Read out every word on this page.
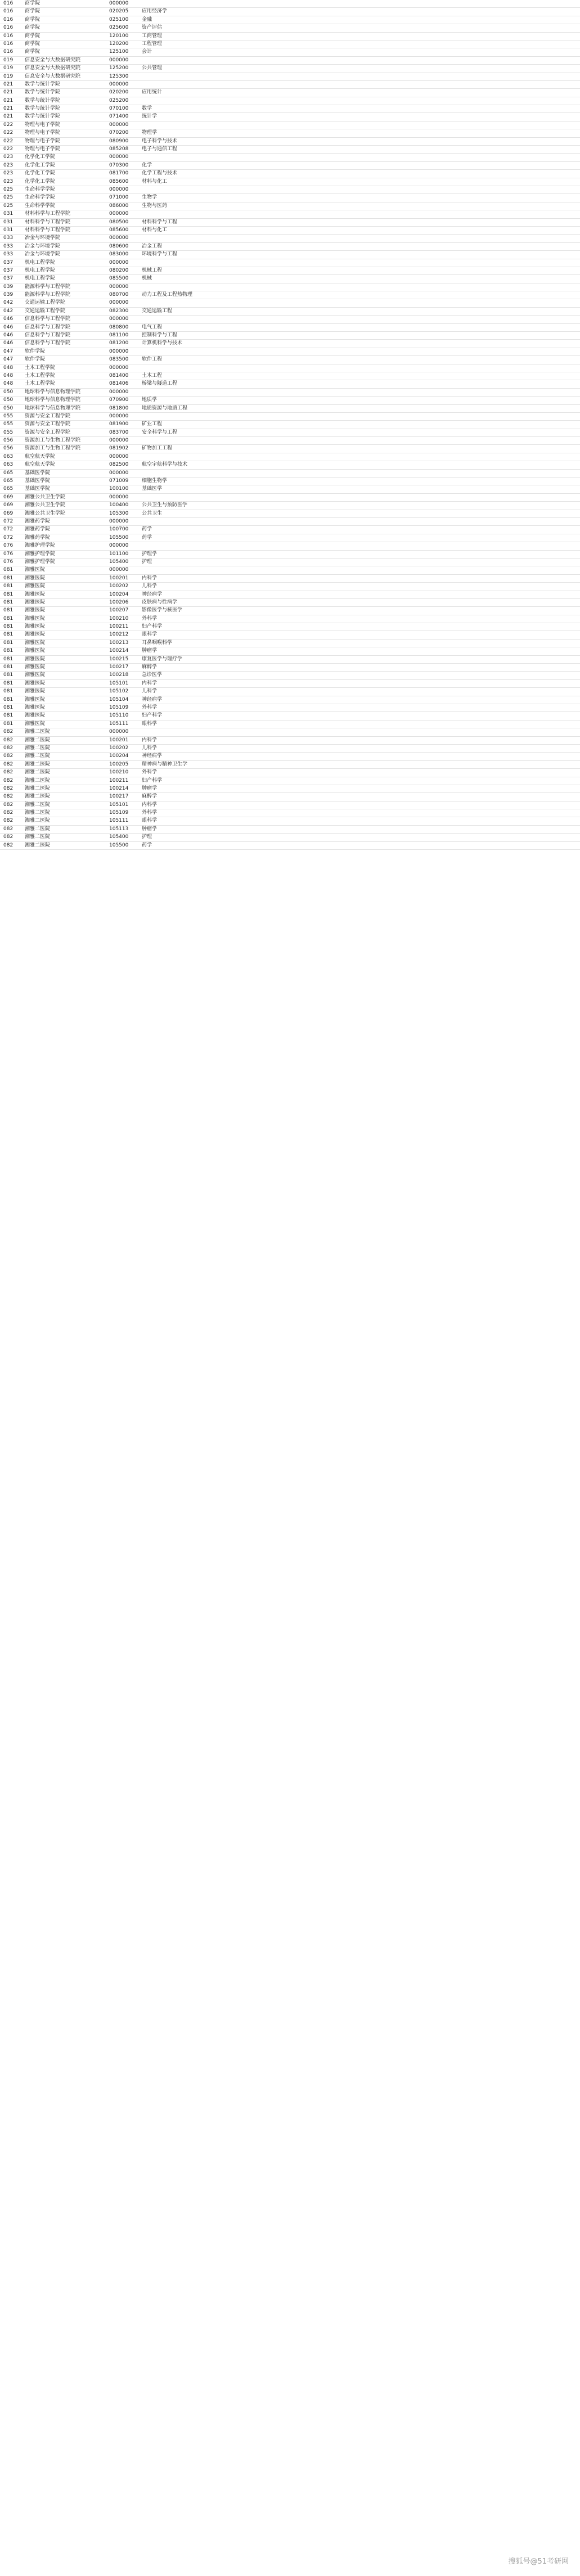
016	商学院	000000
016	商学院	020205	应用经济学
016	商学院	025100	金融
016	商学院	025600	资产评估
016	商学院	120100	工商管理
016	商学院	120200	工程管理
016	商学院	125100	会计
019	信息安全与大数据研究院	000000
019	信息安全与大数据研究院	125200	公共管理
019	信息安全与大数据研究院	125300
021	数学与统计学院	000000
021	数学与统计学院	020200	应用统计
021	数学与统计学院	025200
021	数学与统计学院	070100	数学
021	数学与统计学院	071400	统计学
022	物理与电子学院	000000
022	物理与电子学院	070200	物理学
022	物理与电子学院	080900	电子科学与技术
022	物理与电子学院	085208	电子与通信工程
023	化学化工学院	000000
023	化学化工学院	070300	化学
023	化学化工学院	081700	化学工程与技术
023	化学化工学院	085600	材料与化工
025	生命科学学院	000000
025	生命科学学院	071000	生物学
025	生命科学学院	086000	生物与医药
031	材料科学与工程学院	000000
031	材料科学与工程学院	080500	材料科学与工程
031	材料科学与工程学院	085600	材料与化工
033	冶金与环境学院	000000
033	冶金与环境学院	080600	冶金工程
033	冶金与环境学院	083000	环境科学与工程
037	机电工程学院	000000
037	机电工程学院	080200	机械工程
037	机电工程学院	085500	机械
039	能源科学与工程学院	000000
039	能源科学与工程学院	080700	动力工程及工程热物理
042	交通运输工程学院	000000
042	交通运输工程学院	082300	交通运输工程
046	信息科学与工程学院	000000
046	信息科学与工程学院	080800	电气工程
046	信息科学与工程学院	081100	控制科学与工程
046	信息科学与工程学院	081200	计算机科学与技术
047	软件学院	000000
047	软件学院	083500	软件工程
048	土木工程学院	000000
048	土木工程学院	081400	土木工程
048	土木工程学院	081406	桥梁与隧道工程
050	地球科学与信息物理学院	000000
050	地球科学与信息物理学院	070900	地质学
050	地球科学与信息物理学院	081800	地质资源与地质工程
055	资源与安全工程学院	000000
055	资源与安全工程学院	081900	矿业工程
055	资源与安全工程学院	083700	安全科学与工程
056	资源加工与生物工程学院	000000
056	资源加工与生物工程学院	081902	矿物加工工程
063	航空航天学院	000000
063	航空航天学院	082500	航空宇航科学与技术
065	基础医学院	000000
065	基础医学院	071009	细胞生物学
065	基础医学院	100100	基础医学
069	湘雅公共卫生学院	000000
069	湘雅公共卫生学院	100400	公共卫生与预防医学
069	湘雅公共卫生学院	105300	公共卫生
072	湘雅药学院	000000
072	湘雅药学院	100700	药学
072	湘雅药学院	105500	药学
076	湘雅护理学院	000000
076	湘雅护理学院	101100	护理学
076	湘雅护理学院	105400	护理
081	湘雅医院	000000
081	湘雅医院	100201	内科学
081	湘雅医院	100202	儿科学
081	湘雅医院	100204	神经病学
081	湘雅医院	100206	皮肤病与性病学
081	湘雅医院	100207	影像医学与核医学
081	湘雅医院	100210	外科学
081	湘雅医院	100211	妇产科学
081	湘雅医院	100212	眼科学
081	湘雅医院	100213	耳鼻咽喉科学
081	湘雅医院	100214	肿瘤学
081	湘雅医院	100215	康复医学与理疗学
081	湘雅医院	100217	麻醉学
081	湘雅医院	100218	急诊医学
081	湘雅医院	105101	内科学
081	湘雅医院	105102	儿科学
081	湘雅医院	105104	神经病学
081	湘雅医院	105109	外科学
081	湘雅医院	105110	妇产科学
081	湘雅医院	105111	眼科学
082	湘雅二医院	000000
082	湘雅二医院	100201	内科学
082	湘雅二医院	100202	儿科学
082	湘雅二医院	100204	神经病学
082	湘雅二医院	100205	精神病与精神卫生学
082	湘雅二医院	100210	外科学
082	湘雅二医院	100211	妇产科学
082	湘雅二医院	100214	肿瘤学
082	湘雅二医院	100217	麻醉学
082	湘雅二医院	105101	内科学
082	湘雅二医院	105109	外科学
082	湘雅二医院	105111	眼科学
082	湘雅二医院	105113	肿瘤学
082	湘雅二医院	105400	护理
082	湘雅二医院	105500	药学
搜狐号@51考研网
